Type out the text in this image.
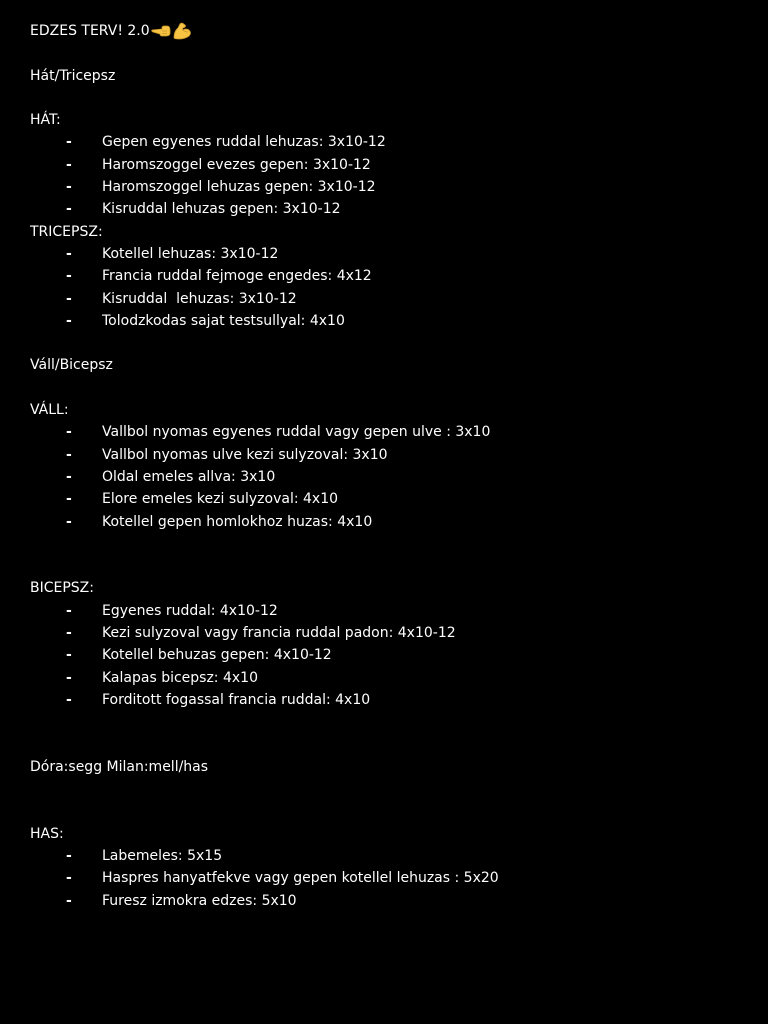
EDZES TERV! 2.0
Hát/Tricepsz
HÁT:
- Gepen egyenes ruddal lehuzas: 3x10-12
- Haromszoggel evezes gepen: 3x10-12
- Haromszoggel lehuzas gepen: 3x10-12
- Kisruddal lehuzas gepen: 3x10-12
TRICEPSZ:
- Kotellel lehuzas: 3x10-12
- Francia ruddal fejmoge engedes: 4x12
- Kisruddal  lehuzas: 3x10-12
- Tolodzkodas sajat testsullyal: 4x10
Váll/Bicepsz
VÁLL:
- Vallbol nyomas egyenes ruddal vagy gepen ulve : 3x10
- Vallbol nyomas ulve kezi sulyzoval: 3x10
- Oldal emeles allva: 3x10
- Elore emeles kezi sulyzoval: 4x10
- Kotellel gepen homlokhoz huzas: 4x10
BICEPSZ:
- Egyenes ruddal: 4x10-12
- Kezi sulyzoval vagy francia ruddal padon: 4x10-12
- Kotellel behuzas gepen: 4x10-12
- Kalapas bicepsz: 4x10
- Forditott fogassal francia ruddal: 4x10
Dóra:segg Milan:mell/has
HAS:
- Labemeles: 5x15
- Haspres hanyatfekve vagy gepen kotellel lehuzas : 5x20
- Furesz izmokra edzes: 5x10
